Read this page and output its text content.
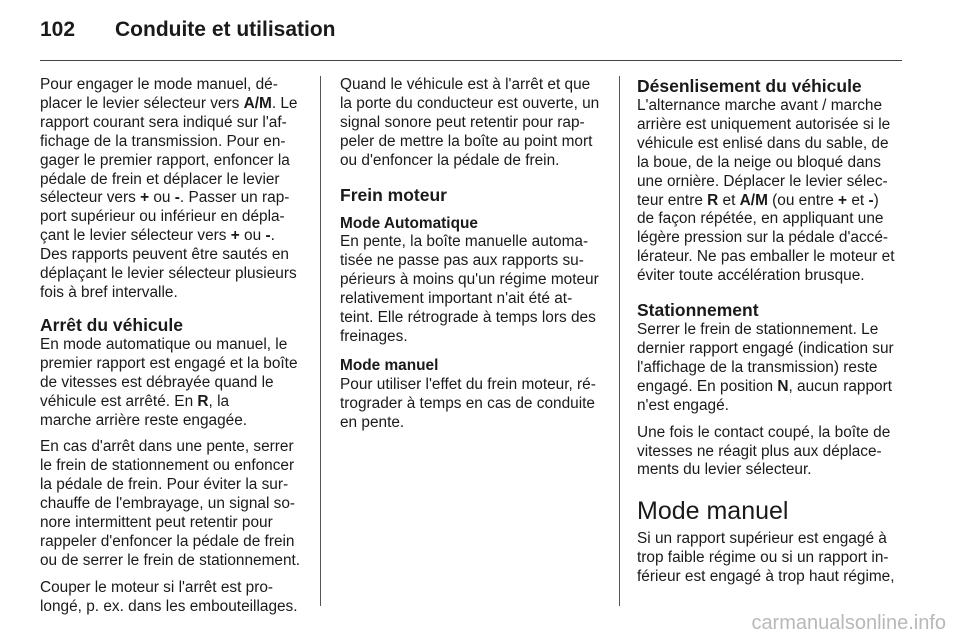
102 Conduite et utilisation
Pour engager le mode manuel, dé-
placer le levier sélecteur vers A/M. Le
rapport courant sera indiqué sur l'af-
fichage de la transmission. Pour en-
gager le premier rapport, enfoncer la
pédale de frein et déplacer le levier
sélecteur vers + ou -. Passer un rap-
port supérieur ou inférieur en dépla-
çant le levier sélecteur vers + ou -.
Des rapports peuvent être sautés en
déplaçant le levier sélecteur plusieurs
fois à bref intervalle.
Arrêt du véhicule
En mode automatique ou manuel, le
premier rapport est engagé et la boîte
de vitesses est débrayée quand le
véhicule est arrêté. En R, la
marche arrière reste engagée.
En cas d'arrêt dans une pente, serrer
le frein de stationnement ou enfoncer
la pédale de frein. Pour éviter la sur-
chauffe de l'embrayage, un signal so-
nore intermittent peut retentir pour
rappeler d'enfoncer la pédale de frein
ou de serrer le frein de stationnement.
Couper le moteur si l'arrêt est pro-
longé, p. ex. dans les embouteillages.
Quand le véhicule est à l'arrêt et que
la porte du conducteur est ouverte, un
signal sonore peut retentir pour rap-
peler de mettre la boîte au point mort
ou d'enfoncer la pédale de frein.
Frein moteur
Mode Automatique
En pente, la boîte manuelle automa-
tisée ne passe pas aux rapports su-
périeurs à moins qu'un régime moteur
relativement important n'ait été at-
teint. Elle rétrograde à temps lors des
freinages.
Mode manuel
Pour utiliser l'effet du frein moteur, ré-
trograder à temps en cas de conduite
en pente.
Désenlisement du véhicule
L'alternance marche avant / marche
arrière est uniquement autorisée si le
véhicule est enlisé dans du sable, de
la boue, de la neige ou bloqué dans
une ornière. Déplacer le levier sélec-
teur entre R et A/M (ou entre + et -)
de façon répétée, en appliquant une
légère pression sur la pédale d'accé-
lérateur. Ne pas emballer le moteur et
éviter toute accélération brusque.
Stationnement
Serrer le frein de stationnement. Le
dernier rapport engagé (indication sur
l'affichage de la transmission) reste
engagé. En position N, aucun rapport
n'est engagé.
Une fois le contact coupé, la boîte de
vitesses ne réagit plus aux déplace-
ments du levier sélecteur.
Mode manuel
Si un rapport supérieur est engagé à
trop faible régime ou si un rapport in-
férieur est engagé à trop haut régime,
carmanualsonline.info
